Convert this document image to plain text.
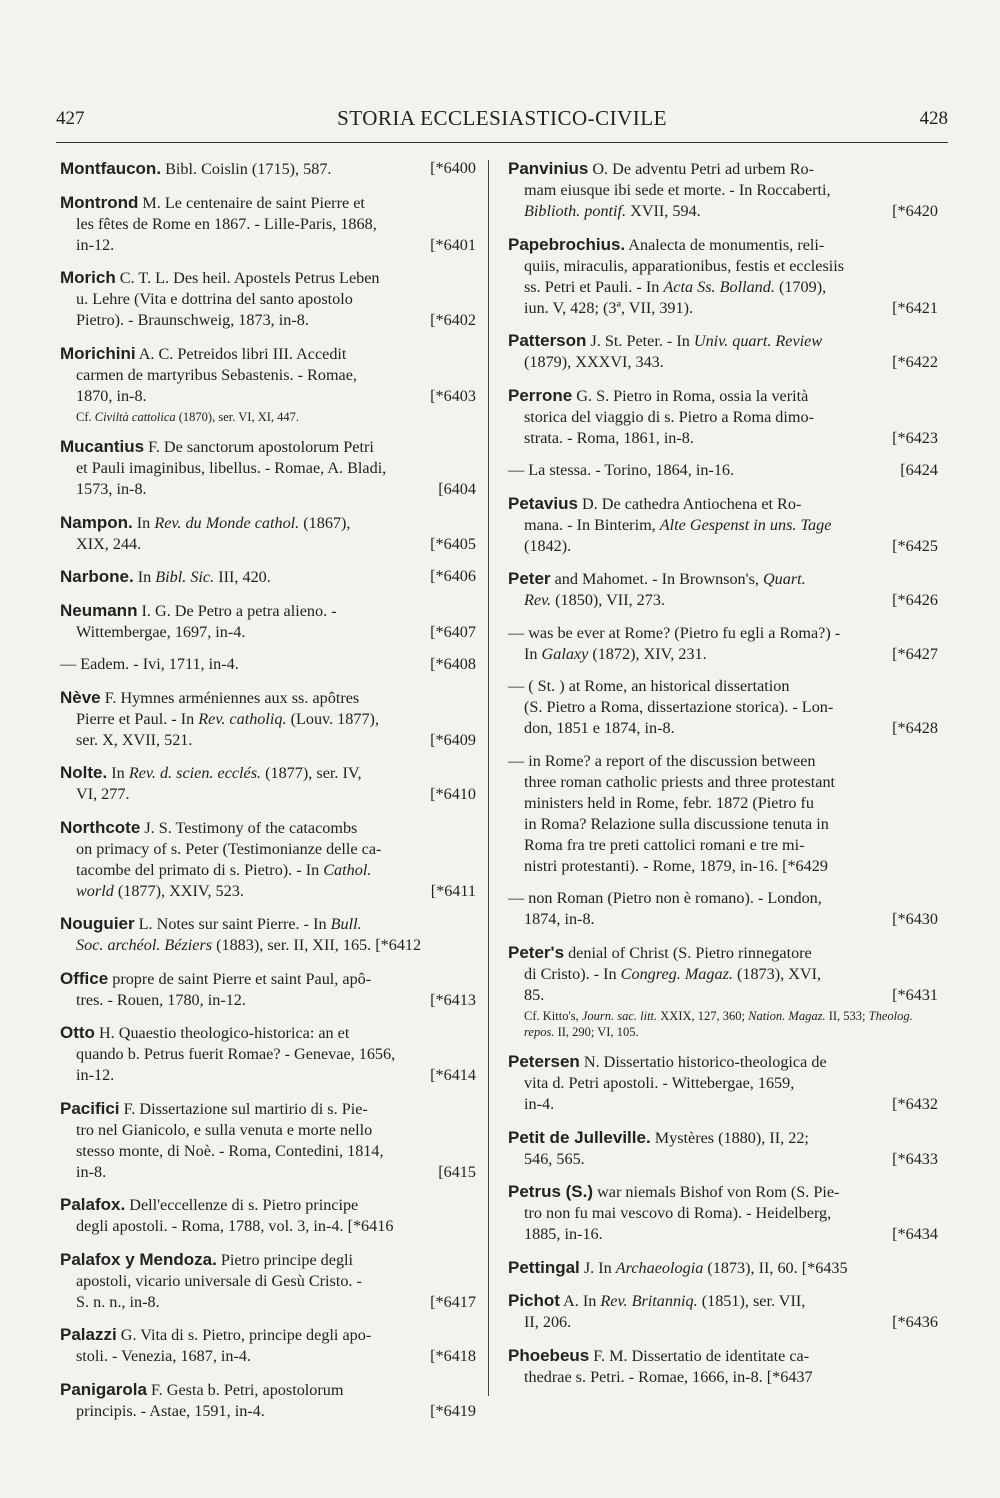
427	STORIA ECCLESIASTICO-CIVILE	428
Montfaucon. Bibl. Coislin (1715), 587.	[*6400
Montrond M. Le centenaire de saint Pierre et
les fêtes de Rome en 1867. - Lille-Paris, 1868,
in-12.	[*6401
Morich C. T. L. Des heil. Apostels Petrus Leben
u. Lehre (Vita e dottrina del santo apostolo
Pietro). - Braunschweig, 1873, in-8.	[*6402
Morichini A. C. Petreidos libri III. Accedit
carmen de martyribus Sebastenis. - Romae,
1870, in-8.	[*6403
Cf. Civiltà cattolica (1870), ser. VI, XI, 447.
Mucantius F. De sanctorum apostolorum Petri
et Pauli imaginibus, libellus. - Romae, A. Bladi,
1573, in-8.	[6404
Nampon. In Rev. du Monde cathol. (1867),
XIX, 244.	[*6405
Narbone. In Bibl. Sic. III, 420.	[*6406
Neumann I. G. De Petro a petra alieno. -
Wittembergae, 1697, in-4.	[*6407
— Eadem. - Ivi, 1711, in-4.	[*6408
Nève F. Hymnes arméniennes aux ss. apôtres
Pierre et Paul. - In Rev. catholiq. (Louv. 1877),
ser. X, XVII, 521.	[*6409
Nolte. In Rev. d. scien. ecclés. (1877), ser. IV,
VI, 277.	[*6410
Northcote J. S. Testimony of the catacombs
on primacy of s. Peter (Testimonianze delle ca-
tacombe del primato di s. Pietro). - In Cathol.
world (1877), XXIV, 523.	[*6411
Nouguier L. Notes sur saint Pierre. - In Bull.
Soc. archéol. Béziers (1883), ser. II, XII, 165. [*6412
Office propre de saint Pierre et saint Paul, apô-
tres. - Rouen, 1780, in-12.	[*6413
Otto H. Quaestio theologico-historica: an et
quando b. Petrus fuerit Romae? - Genevae, 1656,
in-12.	[*6414
Pacifici F. Dissertazione sul martirio di s. Pie-
tro nel Gianicolo, e sulla venuta e morte nello
stesso monte, di Noè. - Roma, Contedini, 1814,
in-8.	[6415
Palafox. Dell'eccellenze di s. Pietro principe
degli apostoli. - Roma, 1788, vol. 3, in-4. [*6416
Palafox y Mendoza. Pietro principe degli
apostoli, vicario universale di Gesù Cristo. -
S. n. n., in-8.	[*6417
Palazzi G. Vita di s. Pietro, principe degli apo-
stoli. - Venezia, 1687, in-4.	[*6418
Panigarola F. Gesta b. Petri, apostolorum
principis. - Astae, 1591, in-4.	[*6419
Panvinius O. De adventu Petri ad urbem Ro-
mam eiusque ibi sede et morte. - In Roccaberti,
Biblioth. pontif. XVII, 594.	[*6420
Papebrochius. Analecta de monumentis, reli-
quiis, miraculis, apparationibus, festis et ecclesiis
ss. Petri et Pauli. - In Acta Ss. Bolland. (1709),
iun. V, 428; (3ª, VII, 391).	[*6421
Patterson J. St. Peter. - In Univ. quart. Review
(1879), XXXVI, 343.	[*6422
Perrone G. S. Pietro in Roma, ossia la verità
storica del viaggio di s. Pietro a Roma dimo-
strata. - Roma, 1861, in-8.	[*6423
— La stessa. - Torino, 1864, in-16.	[6424
Petavius D. De cathedra Antiochena et Ro-
mana. - In Binterim, Alte Gespenst in uns. Tage
(1842).	[*6425
Peter and Mahomet. - In Brownson's, Quart.
Rev. (1850), VII, 273.	[*6426
— was be ever at Rome? (Pietro fu egli a Roma?) -
In Galaxy (1872), XIV, 231.	[*6427
— ( St. ) at Rome, an historical dissertation
(S. Pietro a Roma, dissertazione storica). - Lon-
don, 1851 e 1874, in-8.	[*6428
— in Rome? a report of the discussion between
three roman catholic priests and three protestant
ministers held in Rome, febr. 1872 (Pietro fu
in Roma? Relazione sulla discussione tenuta in
Roma fra tre preti cattolici romani e tre mi-
nistri protestanti). - Rome, 1879, in-16. [*6429
— non Roman (Pietro non è romano). - London,
1874, in-8.	[*6430
Peter's denial of Christ (S. Pietro rinnegatore
di Cristo). - In Congreg. Magaz. (1873), XVI,
85.	[*6431
Cf. Kitto's, Journ. sac. litt. XXIX, 127, 360; Nation. Magaz. II, 533; Theolog. repos. II, 290; VI, 105.
Petersen N. Dissertatio historico-theologica de
vita d. Petri apostoli. - Wittebergae, 1659,
in-4.	[*6432
Petit de Julleville. Mystères (1880), II, 22;
546, 565.	[*6433
Petrus (S.) war niemals Bishof von Rom (S. Pie-
tro non fu mai vescovo di Roma). - Heidelberg,
1885, in-16.	[*6434
Pettingal J. In Archaeologia (1873), II, 60. [*6435
Pichot A. In Rev. Britanniq. (1851), ser. VII,
II, 206.	[*6436
Phoebeus F. M. Dissertatio de identitate ca-
thedrae s. Petri. - Romae, 1666, in-8. [*6437
